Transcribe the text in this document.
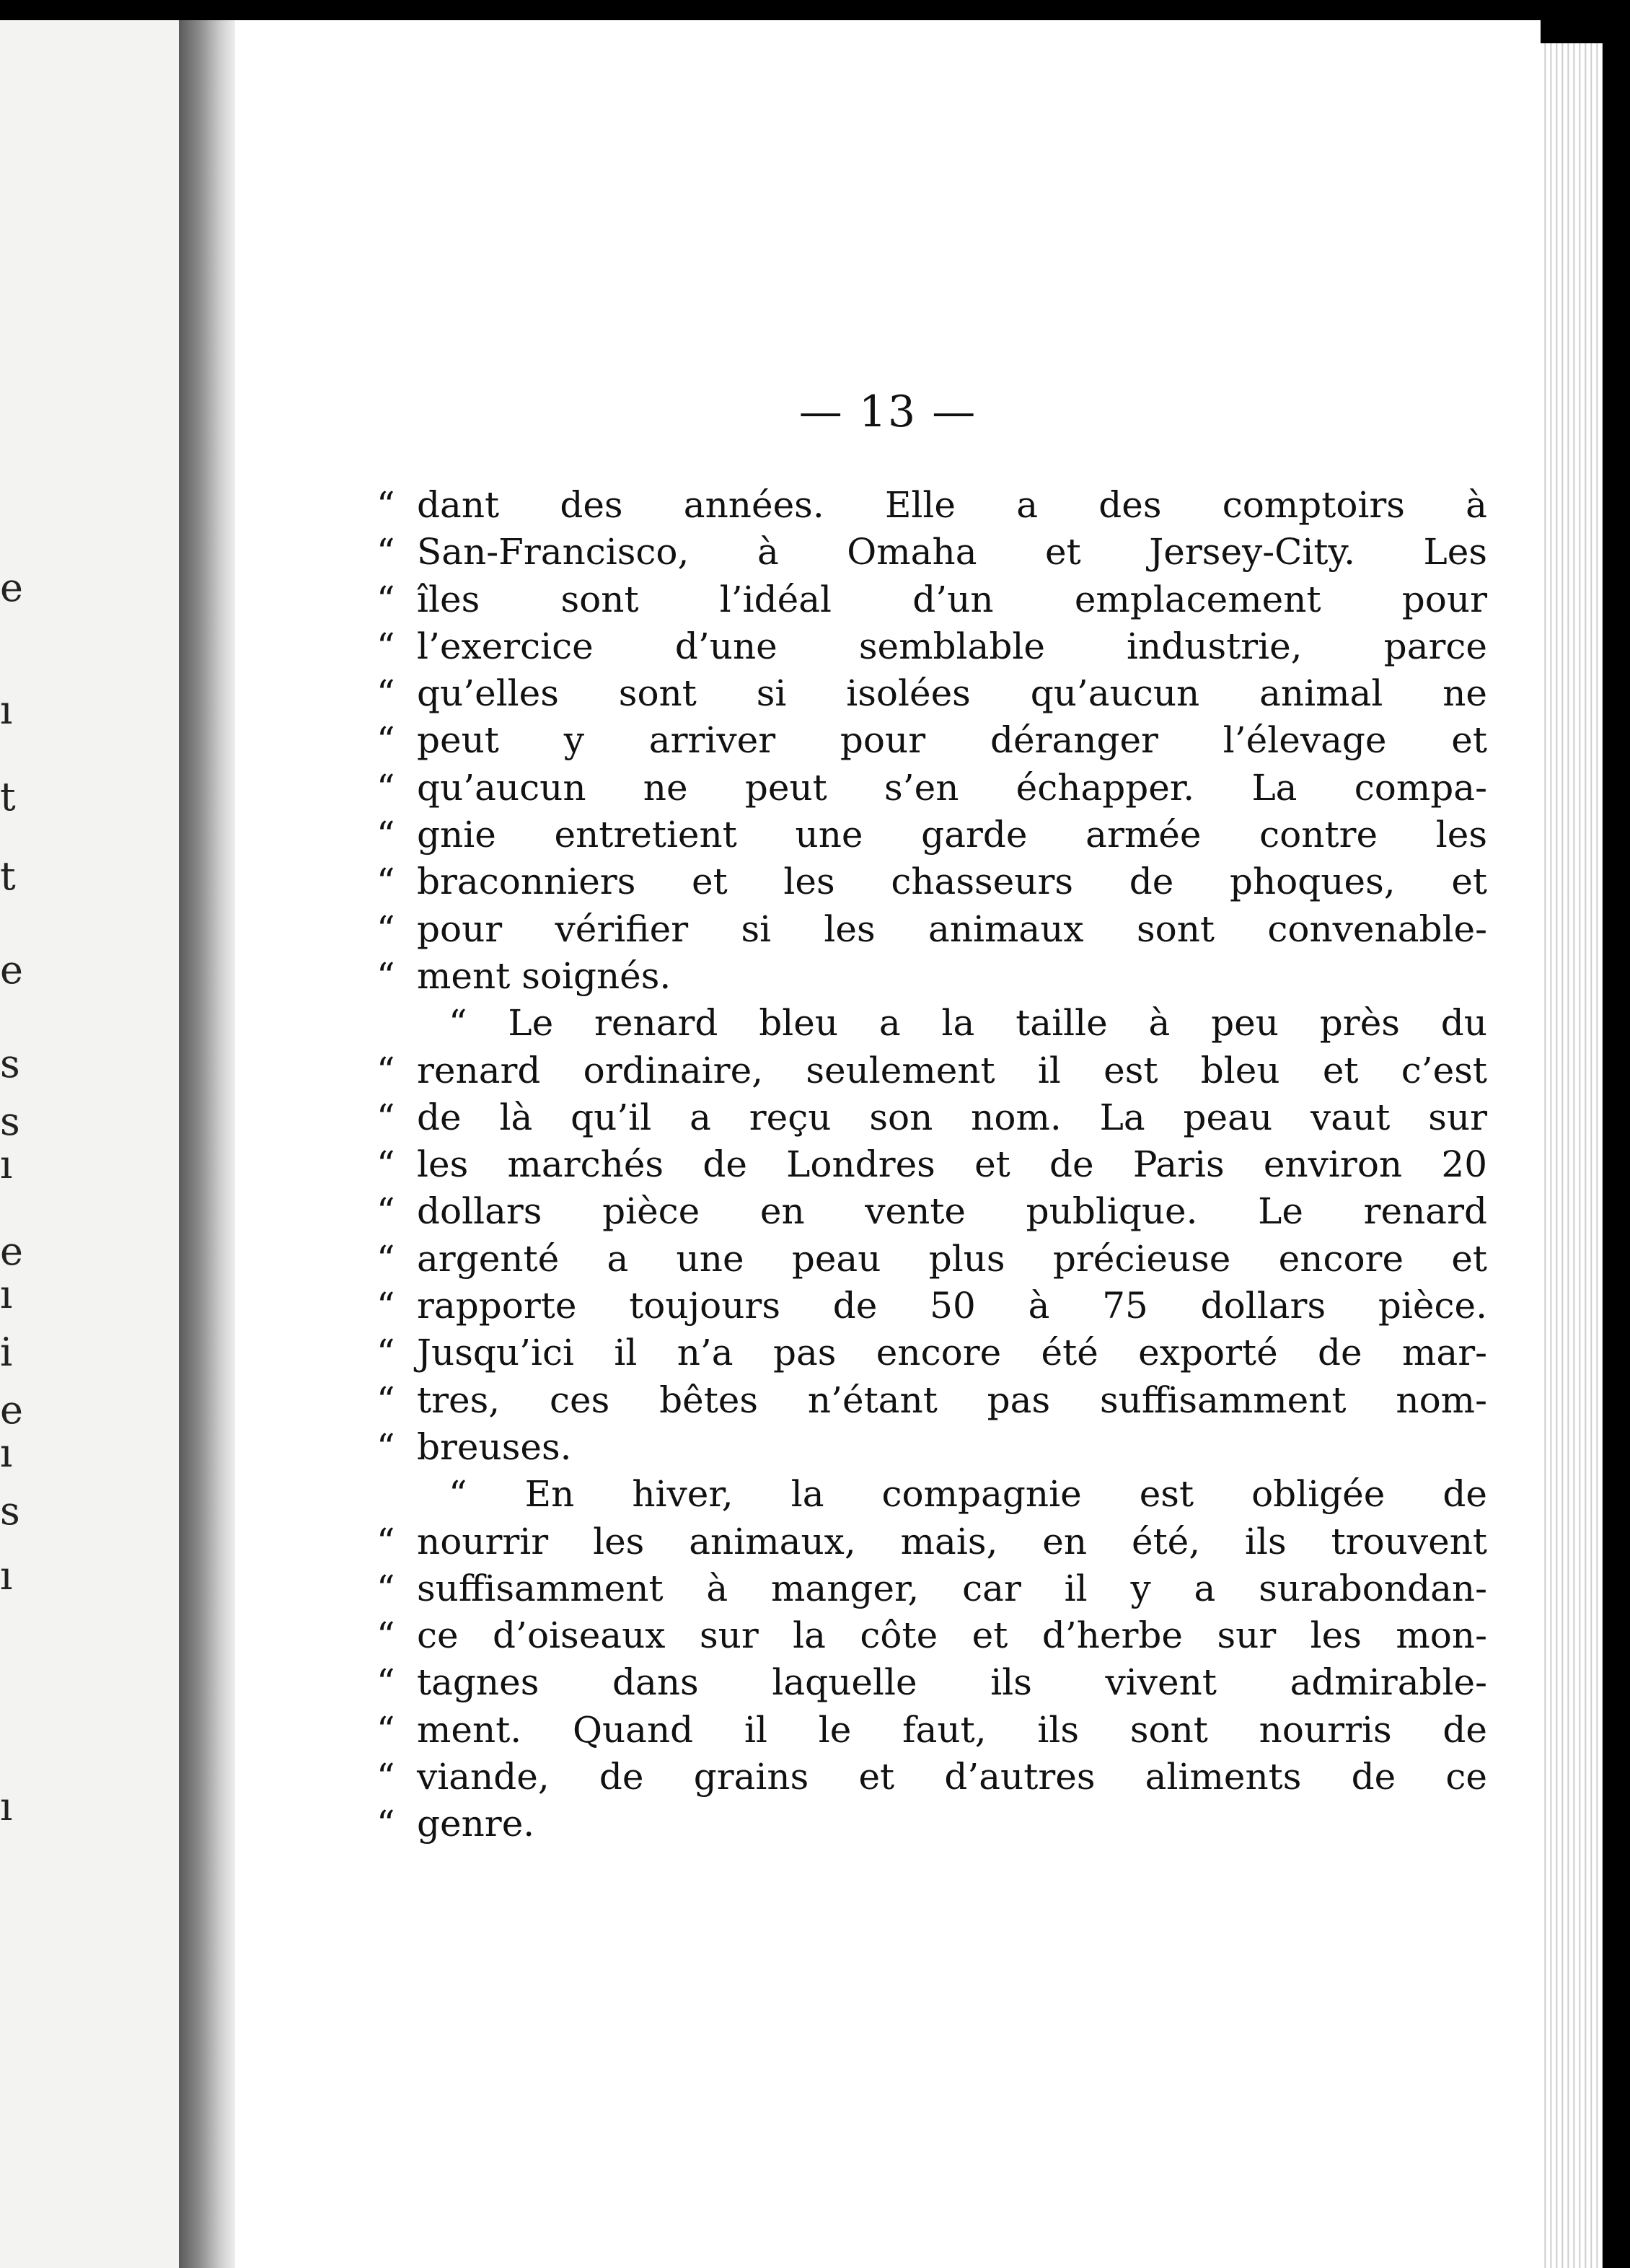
e
ı
t
t
e
s
s
ı
e
ı
i
e
ı
s
ı
ı
— 13 —
“ dant des années. Elle a des comptoirs à
“ San-Francisco, à Omaha et Jersey-City. Les
“ îles sont l’idéal d’un emplacement pour
“ l’exercice d’une semblable industrie, parce
“ qu’elles sont si isolées qu’aucun animal ne
“ peut y arriver pour déranger l’élevage et
“ qu’aucun ne peut s’en échapper. La compa-
“ gnie entretient une garde armée contre les
“ braconniers et les chasseurs de phoques, et
“ pour vérifier si les animaux sont convenable-
“ ment soignés.
“ Le renard bleu a la taille à peu près du
“ renard ordinaire, seulement il est bleu et c’est
“ de là qu’il a reçu son nom. La peau vaut sur
“ les marchés de Londres et de Paris environ 20
“ dollars pièce en vente publique. Le renard
“ argenté a une peau plus précieuse encore et
“ rapporte toujours de 50 à 75 dollars pièce.
“ Jusqu’ici il n’a pas encore été exporté de mar-
“ tres, ces bêtes n’étant pas suffisamment nom-
“ breuses.
“ En hiver, la compagnie est obligée de
“ nourrir les animaux, mais, en été, ils trouvent
“ suffisamment à manger, car il y a surabondan-
“ ce d’oiseaux sur la côte et d’herbe sur les mon-
“ tagnes dans laquelle ils vivent admirable-
“ ment. Quand il le faut, ils sont nourris de
“ viande, de grains et d’autres aliments de ce
“ genre.
